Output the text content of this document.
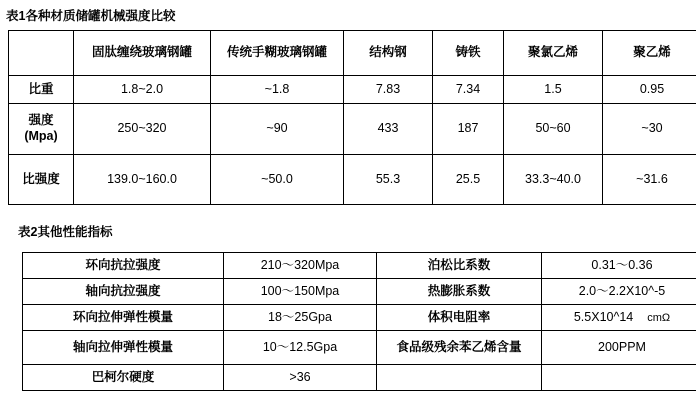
表1各种材质储罐机械强度比较
	固肽缠绕玻璃钢罐	传统手糊玻璃钢罐	结构钢	铸铁	聚氯乙烯	聚乙烯
比重	1.8~2.0	~1.8	7.83	7.34	1.5	0.95

强度
(Mpa)	250~320	~90	433	187	50~60	~30
比强度	139.0~160.0	~50.0	55.3	25.5	33.3~40.0	~31.6
表2其他性能指标
环向抗拉强度	210〜320Mpa	泊松比系数	0.31〜0.36
轴向抗拉强度	100〜150Mpa	热膨胀系数	2.0〜2.2X10^-5
环向拉伸弹性模量	18〜25Gpa	体积电阻率	5.5X10^14 cmΩ
轴向拉伸弹性模量	10〜12.5Gpa	食品级残余苯乙烯含量	200PPM
巴柯尔硬度	>36		
